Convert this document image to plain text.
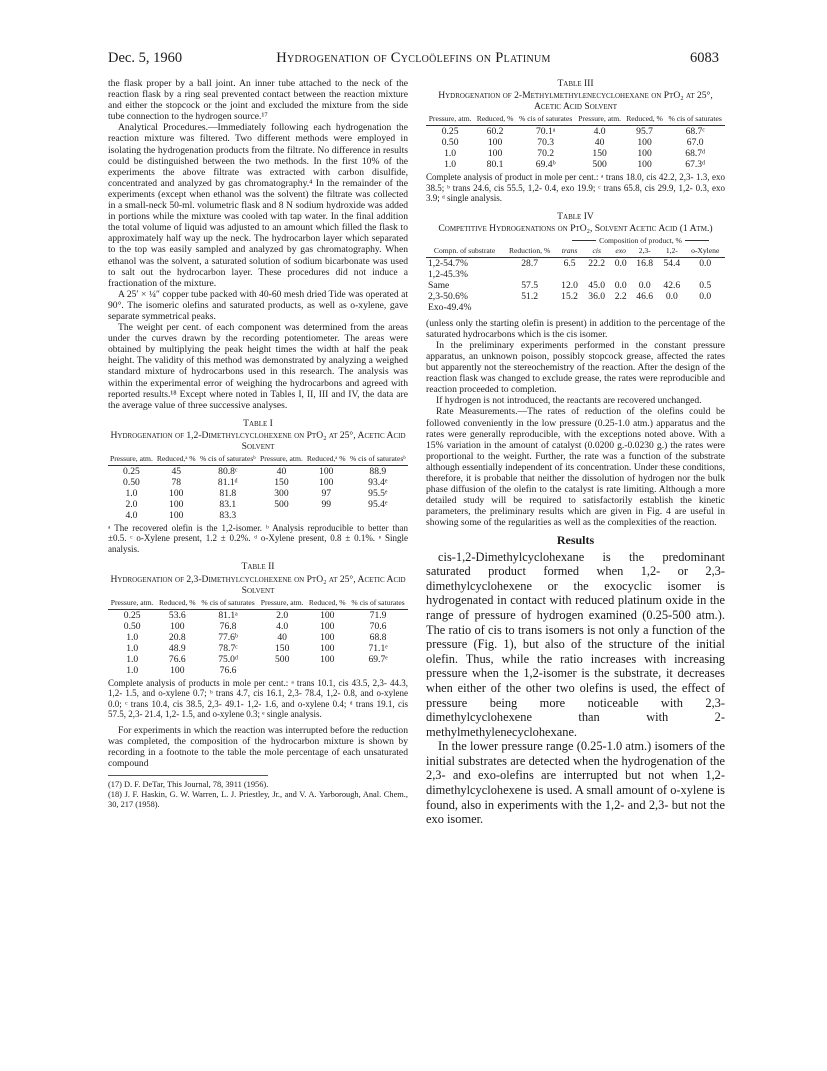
Dec. 5, 1960	Hydrogenation of Cycloölefins on Platinum	6083

the flask proper by a ball joint. An inner tube attached to the neck of the reaction flask by a ring seal prevented contact between the reaction mixture and either the stopcock or the joint and excluded the mixture from the side tube connection to the hydrogen source.¹⁷

Analytical Procedures.—Immediately following each hydrogenation the reaction mixture was filtered. Two different methods were employed in isolating the hydrogenation products from the filtrate. No difference in results could be distinguished between the two methods. In the first 10% of the experiments the above filtrate was extracted with carbon disulfide, concentrated and analyzed by gas chromatography.⁴ In the remainder of the experiments (except when ethanol was the solvent) the filtrate was collected in a small-neck 50-ml. volumetric flask and 8 N sodium hydroxide was added in portions while the mixture was cooled with tap water. In the final addition the total volume of liquid was adjusted to an amount which filled the flask to approximately half way up the neck. The hydrocarbon layer which separated to the top was easily sampled and analyzed by gas chromatography. When ethanol was the solvent, a saturated solution of sodium bicarbonate was used to salt out the hydrocarbon layer. These procedures did not induce a fractionation of the mixture.

A 25′ × ¼″ copper tube packed with 40-60 mesh dried Tide was operated at 90°. The isomeric olefins and saturated products, as well as o-xylene, gave separate symmetrical peaks.

The weight per cent. of each component was determined from the areas under the curves drawn by the recording potentiometer. The areas were obtained by multiplying the peak height times the width at half the peak height. The validity of this method was demonstrated by analyzing a weighed standard mixture of hydrocarbons used in this research. The analysis was within the experimental error of weighing the hydrocarbons and agreed with reported results.¹⁸ Except where noted in Tables I, II, III and IV, the data are the average value of three successive analyses.

Table I
Hydrogenation of 1,2-Dimethylcyclohexene on PtO₂ at 25°, Acetic Acid Solvent
Pressure, atm.	Reduced,ᵃ %	% cis of saturatesᵇ	Pressure, atm.	Reduced,ᵃ %	% cis of saturatesᵇ
0.25	45	80.8ᶜ	40	100	88.9
0.50	78	81.1ᵈ	150	100	93.4ᵉ
1.0	100	81.8	300	97	95.5ᵉ
2.0	100	83.1	500	99	95.4ᵉ
4.0	100	83.3			
ᵃ The recovered olefin is the 1,2-isomer. ᵇ Analysis reproducible to better than ±0.5. ᶜ o-Xylene present, 1.2 ± 0.2%. ᵈ o-Xylene present, 0.8 ± 0.1%. ᵉ Single analysis.
Table II
Hydrogenation of 2,3-Dimethylcyclohexene on PtO₂ at 25°, Acetic Acid Solvent
Pressure, atm.	Reduced, %	% cis of saturates	Pressure, atm.	Reduced, %	% cis of saturates
0.25	53.6	81.1ᵃ	2.0	100	71.9
0.50	100	76.8	4.0	100	70.6
1.0	20.8	77.6ᵇ	40	100	68.8
1.0	48.9	78.7ᶜ	150	100	71.1ᵉ
1.0	76.6	75.0ᵈ	500	100	69.7ᵉ
1.0	100	76.6			
Complete analysis of products in mole per cent.: ᵃ trans 10.1, cis 43.5, 2,3- 44.3, 1,2- 1.5, and o-xylene 0.7; ᵇ trans 4.7, cis 16.1, 2,3- 78.4, 1,2- 0.8, and o-xylene 0.0; ᶜ trans 10.4, cis 38.5, 2,3- 49.1- 1,2- 1.6, and o-xylene 0.4; ᵈ trans 19.1, cis 57.5, 2,3- 21.4, 1,2- 1.5, and o-xylene 0.3; ᵉ single analysis.

For experiments in which the reaction was interrupted before the reduction was completed, the composition of the hydrocarbon mixture is shown by recording in a footnote to the table the mole percentage of each unsaturated compound

(17) D. F. DeTar, This Journal, 78, 3911 (1956).
(18) J. F. Haskin, G. W. Warren, L. J. Priestley, Jr., and V. A. Yarborough, Anal. Chem., 30, 217 (1958).
Table III
Hydrogenation of 2-Methylmethylenecyclohexane on PtO₂ at 25°, Acetic Acid Solvent
Pressure, atm.	Reduced, %	% cis of saturates	Pressure, atm.	Reduced, %	% cis of saturates
0.25	60.2	70.1ᵃ	4.0	95.7	68.7ᶜ
0.50	100	70.3	40	100	67.0
1.0	100	70.2	150	100	68.7ᵈ
1.0	80.1	69.4ᵇ	500	100	67.3ᵈ
Complete analysis of product in mole per cent.: ᵃ trans 18.0, cis 42.2, 2,3- 1.3, exo 38.5; ᵇ trans 24.6, cis 55.5, 1,2- 0.4, exo 19.9; ᶜ trans 65.8, cis 29.9, 1,2- 0.3, exo 3.9; ᵈ single analysis.
Table IV
Competitive Hydrogenations on PtO₂, Solvent Acetic Acid (1 Atm.)
		Composition of product, %					
Compn. of substrate	Reduction, %	trans	cis	exo	2,3-	1,2-	o-Xylene
1,2-54.7%	28.7	6.5	22.2	0.0	16.8	54.4	0.0
1,2-45.3%							
Same	57.5	12.0	45.0	0.0	0.0	42.6	0.5
2,3-50.6%	51.2	15.2	36.0	2.2	46.6	0.0	0.0
Exo-49.4%							

(unless only the starting olefin is present) in addition to the percentage of the saturated hydrocarbons which is the cis isomer.

In the preliminary experiments performed in the constant pressure apparatus, an unknown poison, possibly stopcock grease, affected the rates but apparently not the stereochemistry of the reaction. After the design of the reaction flask was changed to exclude grease, the rates were reproducible and reaction proceeded to completion.

If hydrogen is not introduced, the reactants are recovered unchanged.

Rate Measurements.—The rates of reduction of the olefins could be followed conveniently in the low pressure (0.25-1.0 atm.) apparatus and the rates were generally reproducible, with the exceptions noted above. With a 15% variation in the amount of catalyst (0.0200 g.-0.0230 g.) the rates were proportional to the weight. Further, the rate was a function of the substrate although essentially independent of its concentration. Under these conditions, therefore, it is probable that neither the dissolution of hydrogen nor the bulk phase diffusion of the olefin to the catalyst is rate limiting. Although a more detailed study will be required to satisfactorily establish the kinetic parameters, the preliminary results which are given in Fig. 4 are useful in showing some of the regularities as well as the complexities of the reaction.

Results

cis-1,2-Dimethylcyclohexane is the predominant saturated product formed when 1,2- or 2,3-dimethylcyclohexene or the exocyclic isomer is hydrogenated in contact with reduced platinum oxide in the range of pressure of hydrogen examined (0.25-500 atm.). The ratio of cis to trans isomers is not only a function of the pressure (Fig. 1), but also of the structure of the initial olefin. Thus, while the ratio increases with increasing pressure when the 1,2-isomer is the substrate, it decreases when either of the other two olefins is used, the effect of pressure being more noticeable with 2,3-dimethylcyclohexene than with 2-methylmethylenecyclohexane.

In the lower pressure range (0.25-1.0 atm.) isomers of the initial substrates are detected when the hydrogenation of the 2,3- and exo-olefins are interrupted but not when 1,2-dimethylcyclohexene is used. A small amount of o-xylene is found, also in experiments with the 1,2- and 2,3- but not the exo isomer.
